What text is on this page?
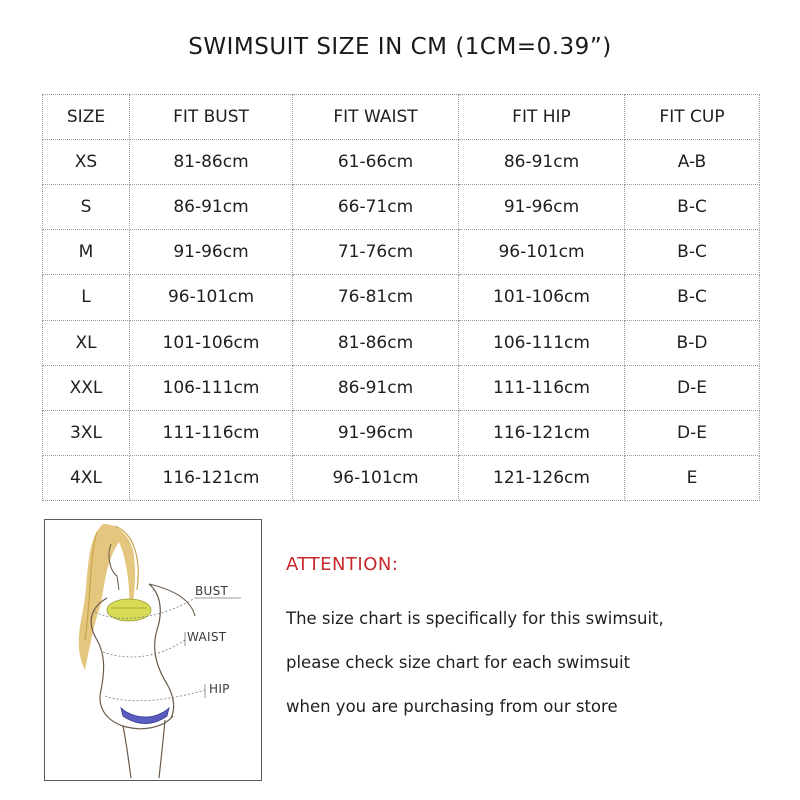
SWIMSUIT SIZE IN CM (1CM=0.39”)
SIZE	FIT BUST	FIT WAIST	FIT HIP	FIT CUP
XS	81-86cm	61-66cm	86-91cm	A-B
S	86-91cm	66-71cm	91-96cm	B-C
M	91-96cm	71-76cm	96-101cm	B-C
L	96-101cm	76-81cm	101-106cm	B-C
XL	101-106cm	81-86cm	106-111cm	B-D
XXL	106-111cm	86-91cm	111-116cm	D-E
3XL	111-116cm	91-96cm	116-121cm	D-E
4XL	116-121cm	96-101cm	121-126cm	E
BUST
WAIST
HIP
ATTENTION:
The size chart is specifically for this swimsuit,
please check size chart for each swimsuit
when you are purchasing from our store
